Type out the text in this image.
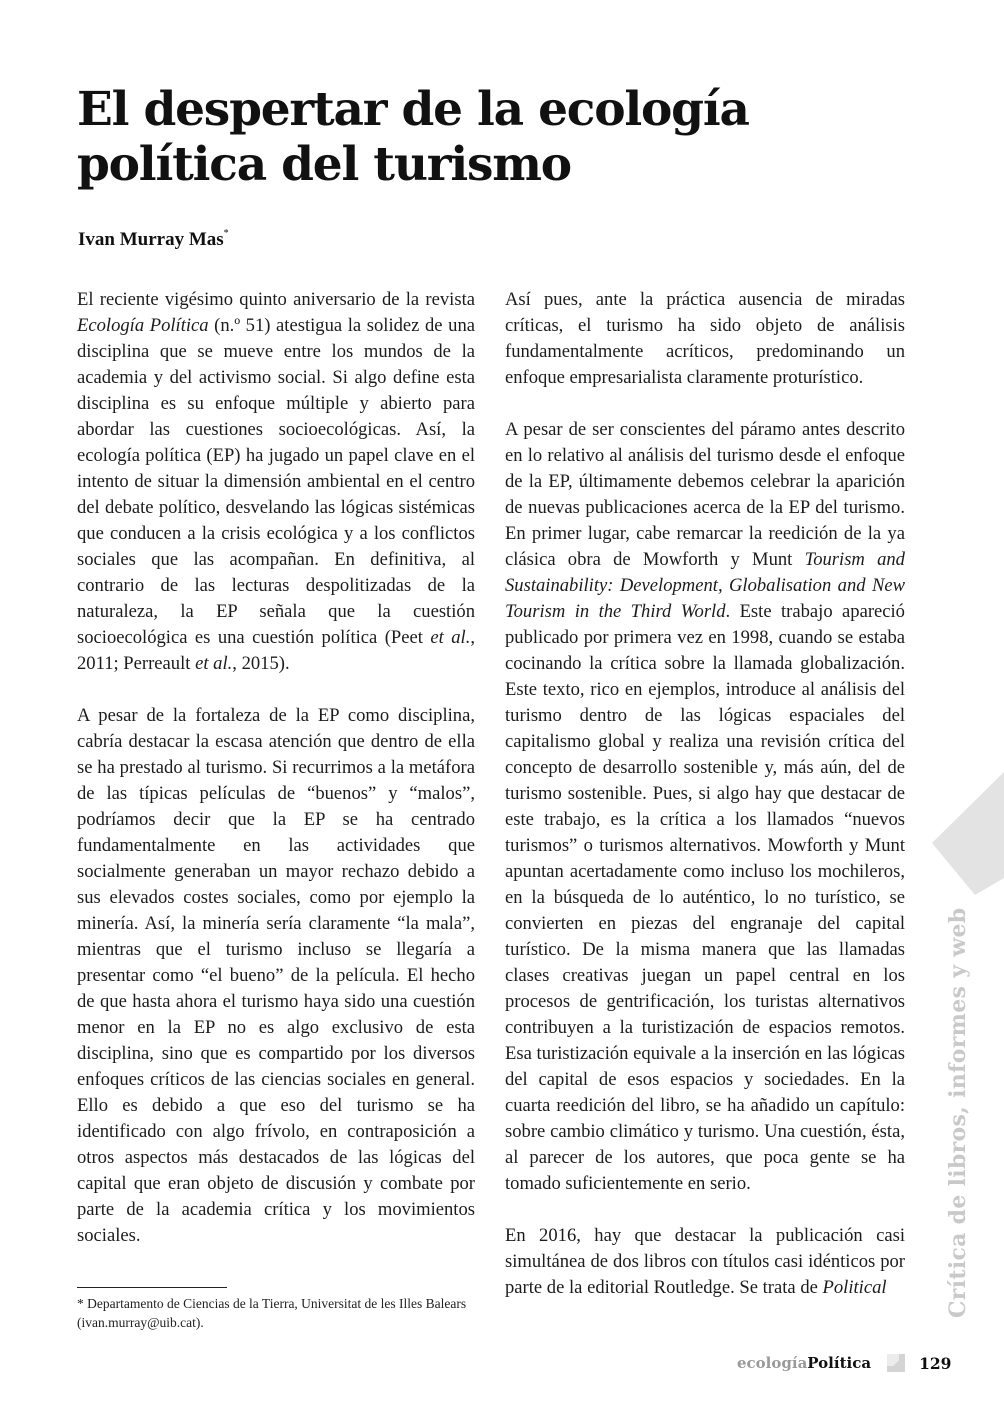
El despertar de la ecología política del turismo
Ivan Murray Mas*

El reciente vigésimo quinto aniversario de la revista Ecología Política (n.º 51) atestigua la solidez de una disciplina que se mueve entre los mundos de la academia y del activismo social. Si algo define esta disciplina es su enfoque múltiple y abierto para abordar las cuestiones socioecológicas. Así, la ecología política (EP) ha jugado un papel clave en el intento de situar la dimensión ambiental en el centro del debate político, desvelando las lógicas sistémicas que conducen a la crisis ecológica y a los conflictos sociales que las acompañan. En definitiva, al contrario de las lecturas despolitizadas de la naturaleza, la EP señala que la cuestión socioecológica es una cuestión política (Peet et al., 2011; Perreault et al., 2015).

A pesar de la fortaleza de la EP como disciplina, cabría destacar la escasa atención que dentro de ella se ha prestado al turismo. Si recurrimos a la metáfora de las típicas películas de “buenos” y “malos”, podríamos decir que la EP se ha centrado fundamentalmente en las actividades que socialmente generaban un mayor rechazo debido a sus elevados costes sociales, como por ejemplo la minería. Así, la minería sería claramente “la mala”, mientras que el turismo incluso se llegaría a presentar como “el bueno” de la película. El hecho de que hasta ahora el turismo haya sido una cuestión menor en la EP no es algo exclusivo de esta disciplina, sino que es compartido por los diversos enfoques críticos de las ciencias sociales en general. Ello es debido a que eso del turismo se ha identificado con algo frívolo, en contraposición a otros aspectos más destacados de las lógicas del capital que eran objeto de discusión y combate por parte de la academia crítica y los movimientos sociales.

Así pues, ante la práctica ausencia de miradas críticas, el turismo ha sido objeto de análisis fundamentalmente acríticos, predominando un enfoque empresarialista claramente proturístico.

A pesar de ser conscientes del páramo antes descrito en lo relativo al análisis del turismo desde el enfoque de la EP, últimamente debemos celebrar la aparición de nuevas publicaciones acerca de la EP del turismo. En primer lugar, cabe remarcar la reedición de la ya clásica obra de Mowforth y Munt Tourism and Sustainability: Development, Globalisation and New Tourism in the Third World. Este trabajo apareció publicado por primera vez en 1998, cuando se estaba cocinando la crítica sobre la llamada globalización. Este texto, rico en ejemplos, introduce al análisis del turismo dentro de las lógicas espaciales del capitalismo global y realiza una revisión crítica del concepto de desarrollo sostenible y, más aún, del de turismo sostenible. Pues, si algo hay que destacar de este trabajo, es la crítica a los llamados “nuevos turismos” o turismos alternativos. Mowforth y Munt apuntan acertadamente como incluso los mochileros, en la búsqueda de lo auténtico, lo no turístico, se convierten en piezas del engranaje del capital turístico. De la misma manera que las llamadas clases creativas juegan un papel central en los procesos de gentrificación, los turistas alternativos contribuyen a la turistización de espacios remotos. Esa turistización equivale a la inserción en las lógicas del capital de esos espacios y sociedades. En la cuarta reedición del libro, se ha añadido un capítulo: sobre cambio climático y turismo. Una cuestión, ésta, al parecer de los autores, que poca gente se ha tomado suficientemente en serio.

En 2016, hay que destacar la publicación casi simultánea de dos libros con títulos casi idénticos por parte de la editorial Routledge. Se trata de Political

* Departamento de Ciencias de la Tierra, Universitat de les Illes Balears (ivan.murray@uib.cat).
Crítica de libros, informes y web
ecología Política	129
